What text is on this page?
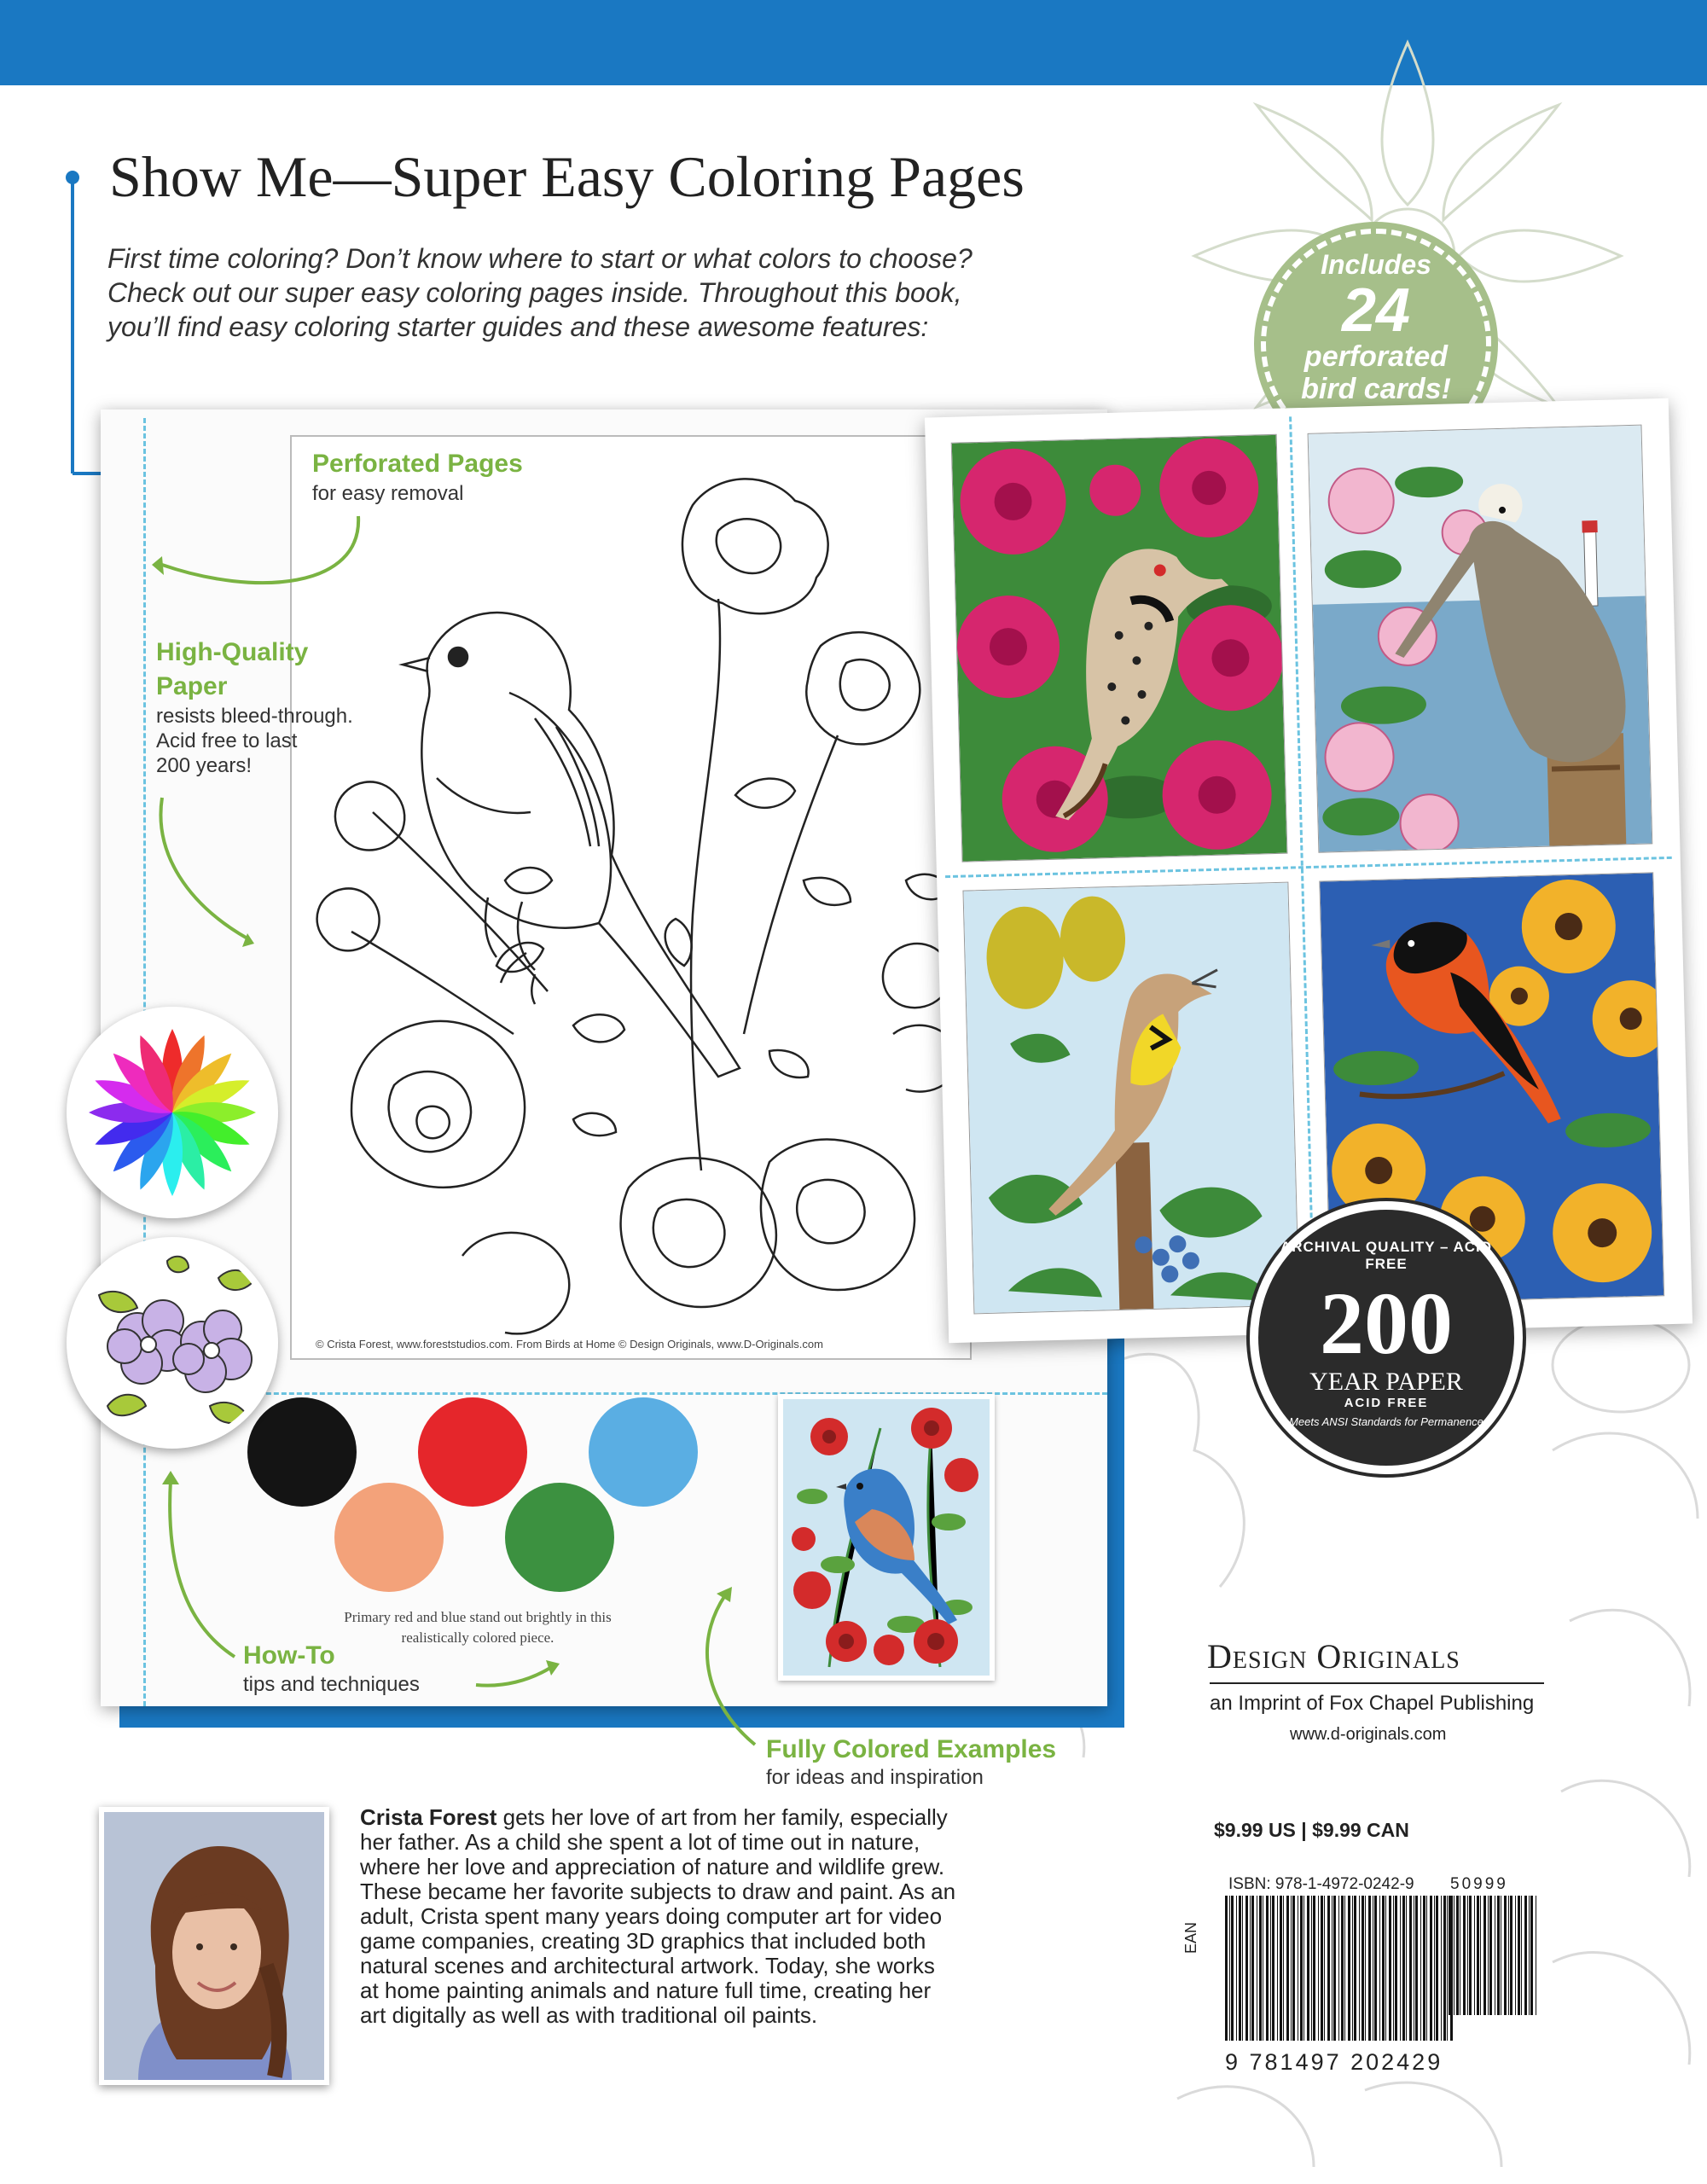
Show Me—Super Easy Coloring Pages
First time coloring? Don’t know where to start or what colors to choose?
Check out our super easy coloring pages inside. Throughout this book,
you’ll find easy coloring starter guides and these awesome features:
Includes
24
perforated
bird cards!
© Crista Forest, www.foreststudios.com. From Birds at Home © Design Originals, www.D-Originals.com
Perforated Pages
for easy removal
High-Quality
Paper
resists bleed-through.
Acid free to last
200 years!
How-To
tips and techniques
Fully Colored Examples
for ideas and inspiration
Primary red and blue stand out brightly in this
realistically colored piece.
ARCHIVAL QUALITY – ACID FREE
200
YEAR PAPER
ACID FREE
Meets ANSI Standards for Permanence
Design Originals
an Imprint of Fox Chapel Publishing
www.d-originals.com
$9.99 US | $9.99 CAN
ISBN: 978-1-4972-0242-9
EAN
9 781497 202429
50999
Crista Forest gets her love of art from her family, especially
her father. As a child she spent a lot of time out in nature,
where her love and appreciation of nature and wildlife grew.
These became her favorite subjects to draw and paint. As an
adult, Crista spent many years doing computer art for video
game companies, creating 3D graphics that included both
natural scenes and architectural artwork. Today, she works
at home painting animals and nature full time, creating her
art digitally as well as with traditional oil paints.
